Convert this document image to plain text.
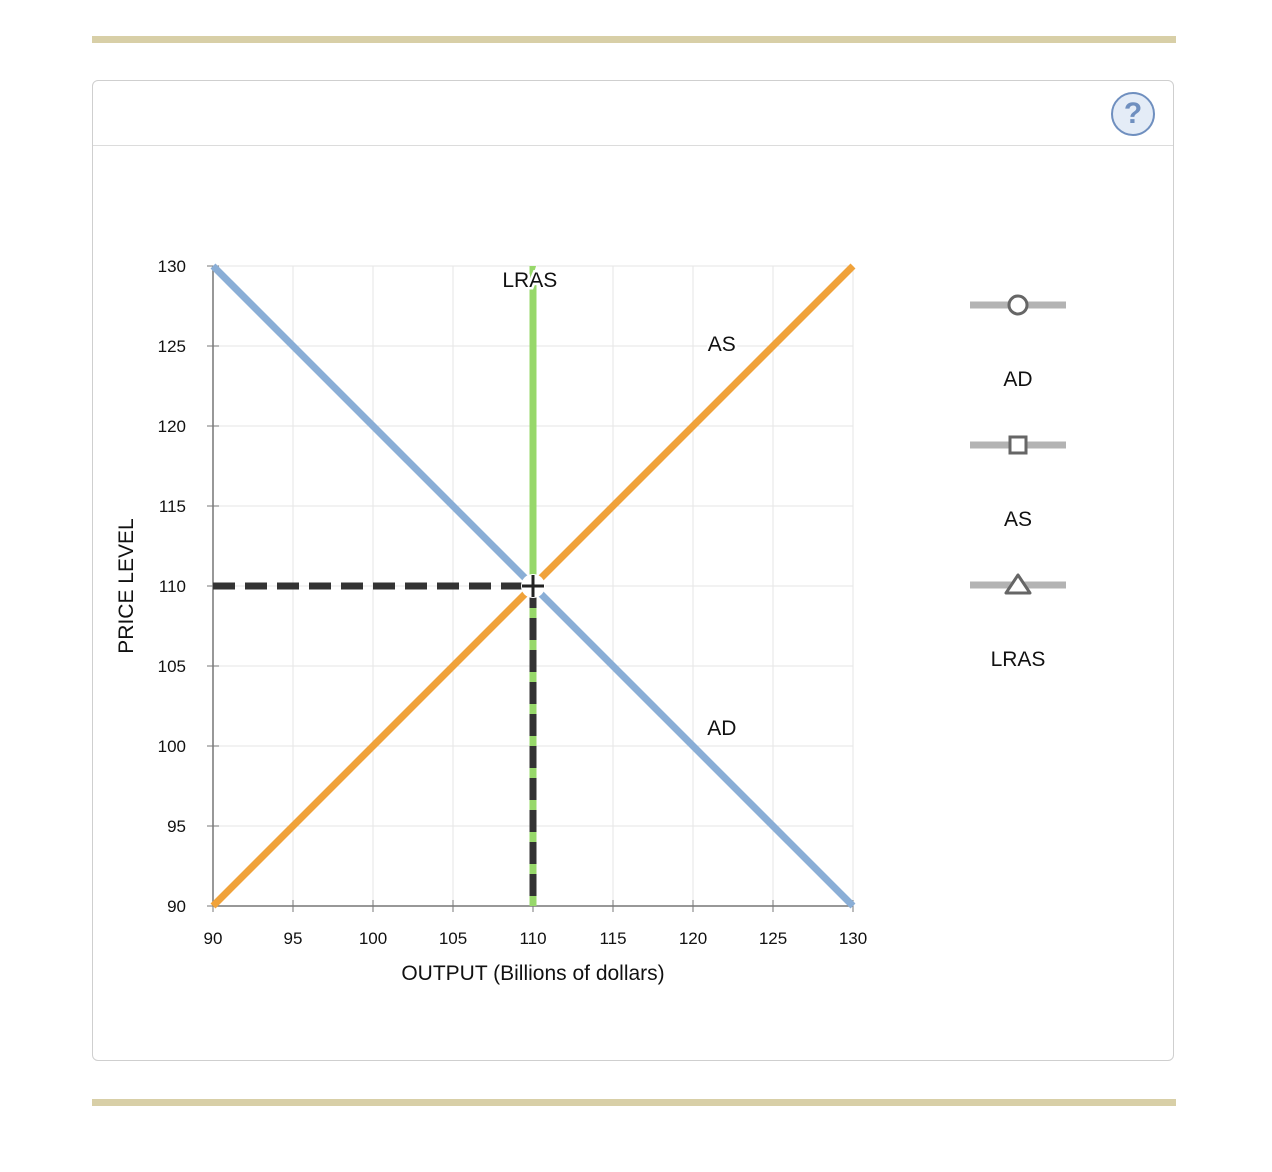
?
90	95	100	105	110	115	120	125	130
90
95
100
105
110
115
120
125
130
OUTPUT (Billions of dollars)
PRICE LEVEL
LRAS
AS
AD
AD
AS
LRAS
